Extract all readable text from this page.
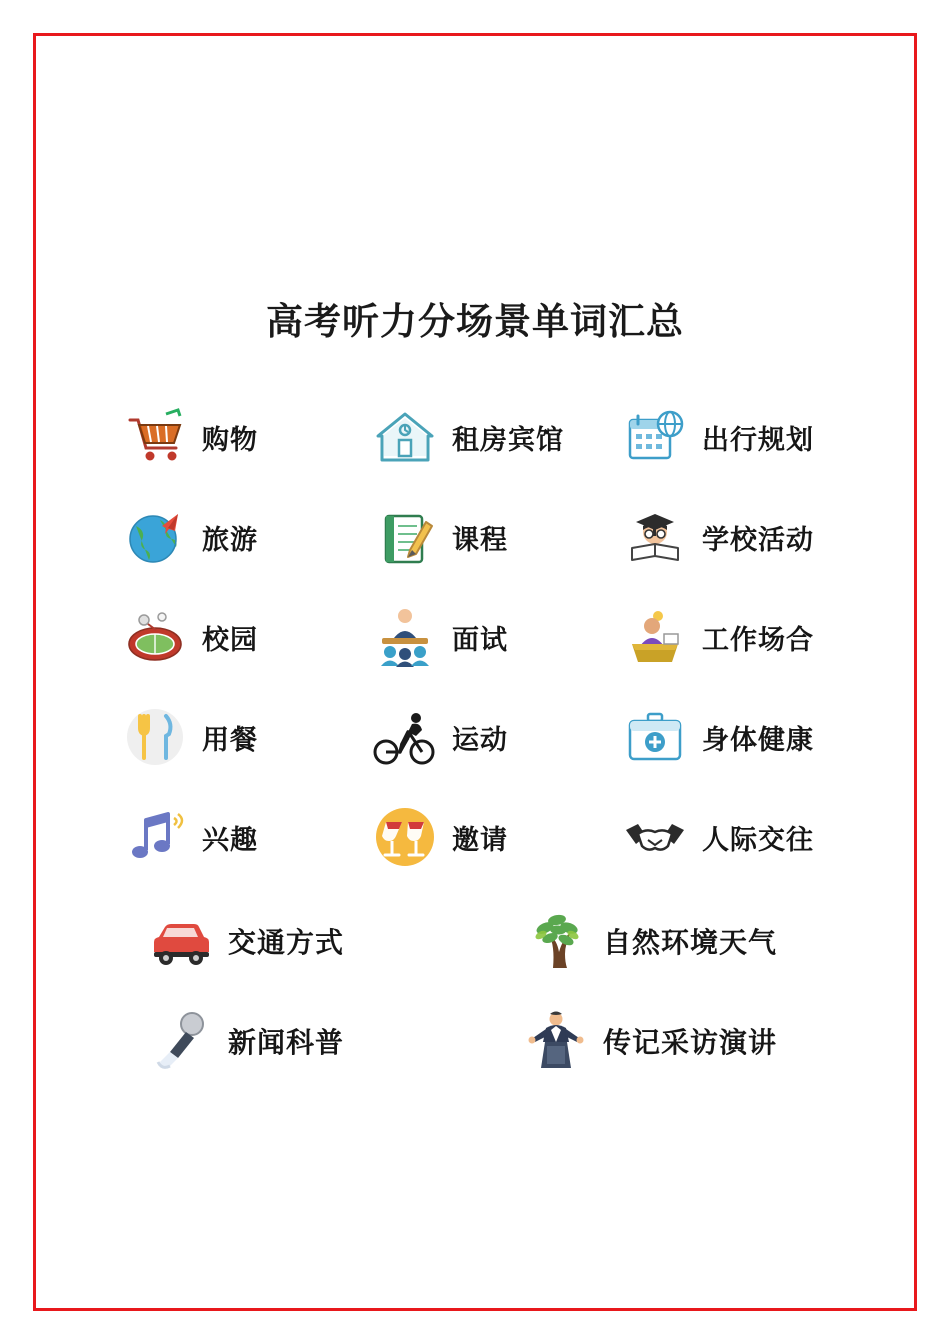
高考听力分场景单词汇总
购物	租房宾馆	出行规划
旅游	课程	学校活动
校园	面试	工作场合
用餐	运动	身体健康
兴趣	邀请	人际交往
交通方式	自然环境天气
新闻科普	传记采访演讲
